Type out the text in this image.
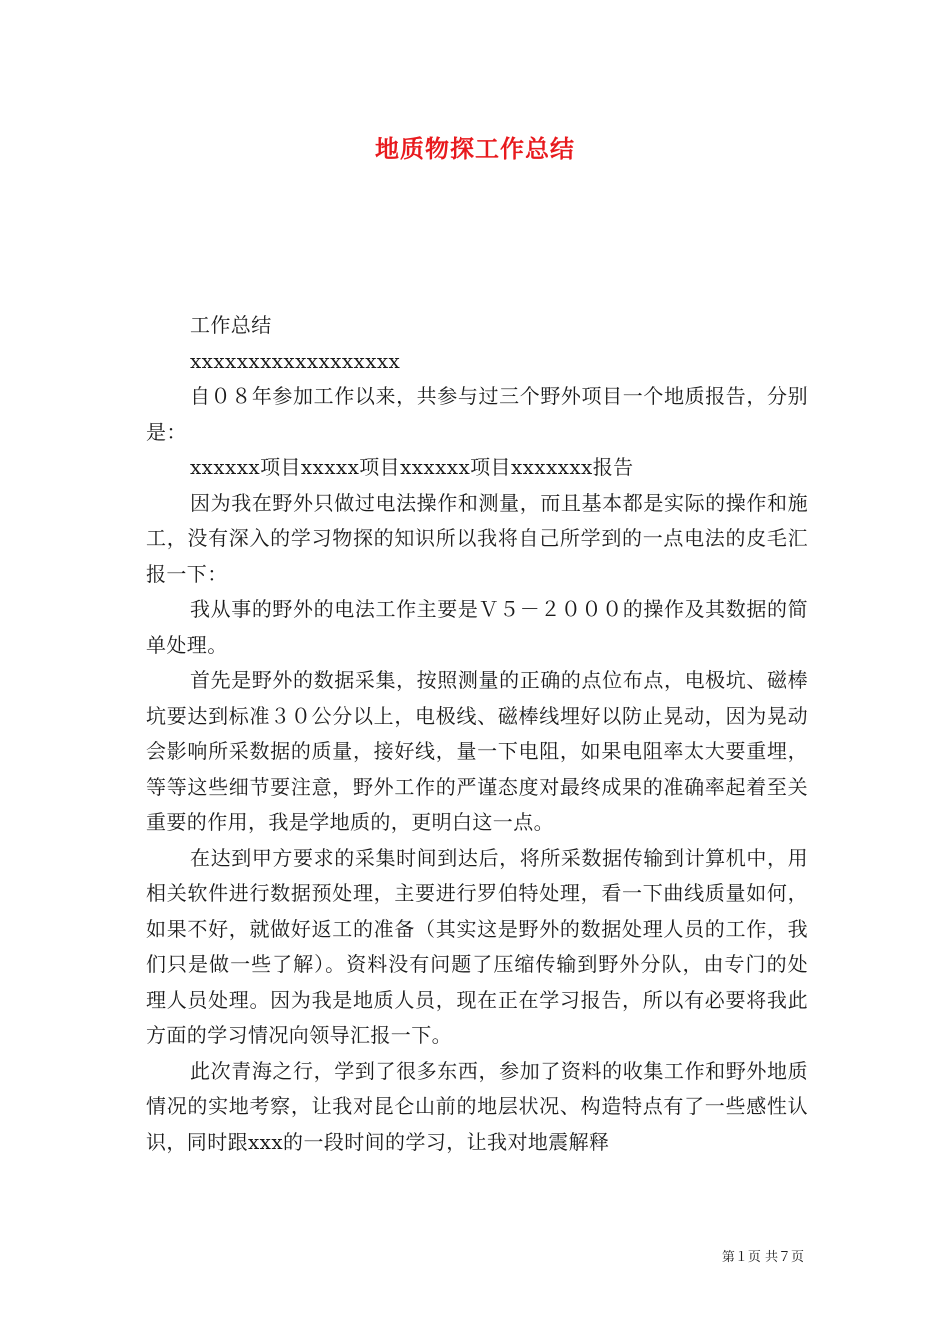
地质物探工作总结

工作总结

xxxxxxxxxxxxxxxxxx

自０８年参加工作以来，共参与过三个野外项目一个地质报告，分别是：

xxxxxx项目xxxxx项目xxxxxx项目xxxxxxx报告

因为我在野外只做过电法操作和测量，而且基本都是实际的操作和施工，没有深入的学习物探的知识所以我将自己所学到的一点电法的皮毛汇报一下：

我从事的野外的电法工作主要是Ｖ５－２０００的操作及其数据的简单处理。

首先是野外的数据采集，按照测量的正确的点位布点，电极坑、磁棒坑要达到标准３０公分以上，电极线、磁棒线埋好以防止晃动，因为晃动会影响所采数据的质量，接好线，量一下电阻，如果电阻率太大要重埋，等等这些细节要注意，野外工作的严谨态度对最终成果的准确率起着至关重要的作用，我是学地质的，更明白这一点。

在达到甲方要求的采集时间到达后，将所采数据传输到计算机中，用相关软件进行数据预处理，主要进行罗伯特处理，看一下曲线质量如何，如果不好，就做好返工的准备（其实这是野外的数据处理人员的工作，我们只是做一些了解）。资料没有问题了压缩传输到野外分队，由专门的处理人员处理。因为我是地质人员，现在正在学习报告，所以有必要将我此方面的学习情况向领导汇报一下。

此次青海之行，学到了很多东西，参加了资料的收集工作和野外地质情况的实地考察，让我对昆仑山前的地层状况、构造特点有了一些感性认识，同时跟xxx的一段时间的学习，让我对地震解释

第１页 共７页
